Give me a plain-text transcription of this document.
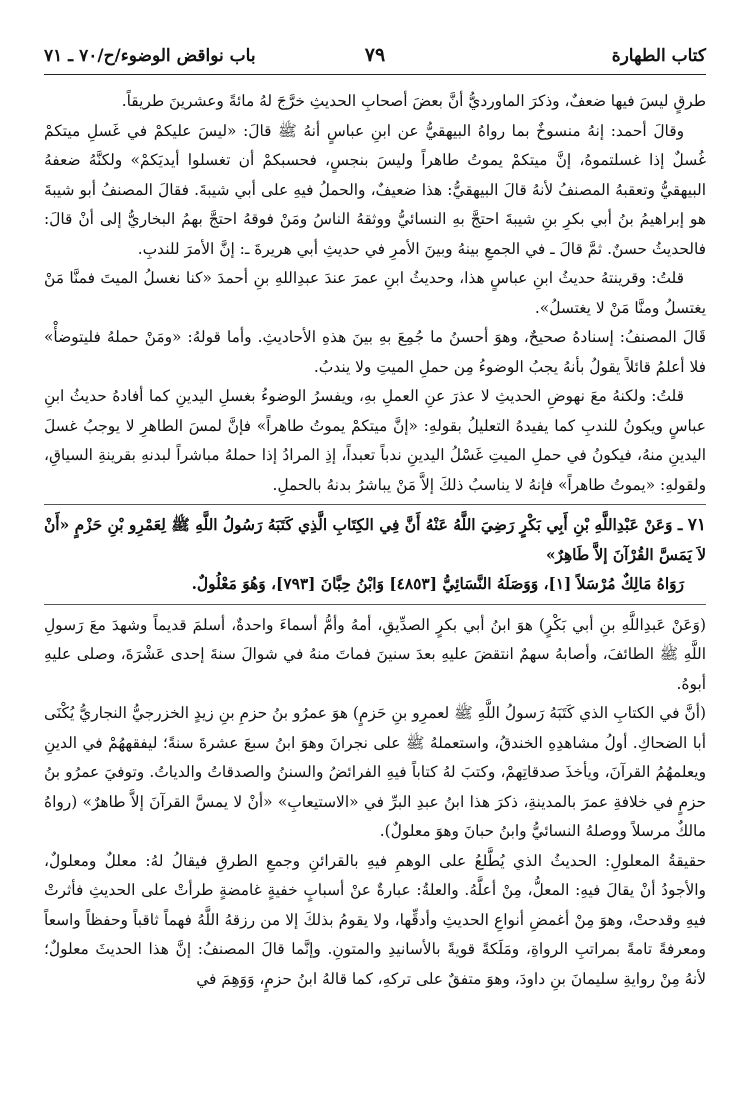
كتاب الطهارة
٧٩
باب نواقض الوضوء/ح/٧٠ ـ ٧١

طرقٍ ليسَ فيها ضعفٌ، وذكرَ الماورديُّ أنَّ بعضَ أصحابِ الحديثِ خرَّجَ لهُ مائةً وعشرينَ طريقاً.

وقالَ أحمد: إنهُ منسوخٌ بما رواهُ البيهقيُّ عن ابنِ عباسٍ أنهُ ﷺ قالَ: «ليسَ عليكمْ في غَسلِ ميتكمْ غُسلٌ إذا غسلتموهُ، إنَّ ميتكمْ يموتُ طاهراً وليسَ بنجسٍ، فحسبكمْ أن تغسلوا أيديَكمْ» ولكنَّهُ ضعفهُ البيهقيُّ وتعقبهُ المصنفُ لأنهُ قالَ البيهقيُّ: هذا ضعيفٌ، والحملُ فيهِ على أبي شيبةَ. فقالَ المصنفُ أبو شيبةَ هو إبراهيمُ بنُ أبي بكرِ بنِ شيبةَ احتجَّ بهِ النسائيُّ ووثقهُ الناسُ ومَنْ فوقهُ احتجَّ بهمُ البخاريُّ إلى أنْ قالَ: فالحديثُ حسنٌ. ثمَّ قالَ ـ في الجمعِ بينهُ وبينَ الأمرِ في حديثِ أبي هريرةَ ـ: إنَّ الأمرَ للندبِ.

قلتُ: وقرينتهُ حديثُ ابنِ عباسٍ هذا، وحديثُ ابنِ عمرَ عندَ عبدِاللهِ بنِ أحمدَ «كنا نغسلُ الميتَ فمنَّا مَنْ يغتسلُ ومنَّا مَنْ لا يغتسلُ».

قَالَ المصنفُ: إسنادهُ صحيحٌ، وهوَ أحسنُ ما جُمِعَ بهِ بينَ هذهِ الأحاديثِ. وأما قولهُ: «ومَنْ حملهُ فليتوضأْ» فلا أعلمُ قائلاً يقولُ بأنهُ يجبُ الوضوءُ مِن حملِ الميتِ ولا يندبُ.

قلتُ: ولكنهُ معَ نهوضِ الحديثِ لا عذرَ عنِ العملِ بهِ، ويفسرُ الوضوءُ بغسلِ اليدينِ كما أفادهُ حديثُ ابنِ عباسٍ ويكونُ للندبِ كما يفيدهُ التعليلُ بقولهِ: «إنَّ ميتكمْ يموتُ طاهراً» فإنَّ لمسَ الطاهرِ لا يوجبُ غسلَ اليدينِ منهُ، فيكونُ في حملِ الميتِ غَسْلُ اليدينِ ندباً تعبداً، إذِ المرادُ إذا حملهُ مباشراً لبدنهِ بقرينةِ السياقِ، ولقولهِ: «يموتُ طاهراً» فإنهُ لا يناسبُ ذلكَ إلاَّ مَنْ يباشرُ بدنهُ بالحملِ.

٧١ ـ وَعَنْ عَبْدِاللَّهِ بْنِ أَبِي بَكْرٍ رَضِيَ اللَّهُ عَنْهُ أَنَّ فِي الكِتَابِ الَّذِي كَتَبَهُ رَسُولُ اللَّهِ ﷺ لِعَمْرِو بْنِ حَزْمٍ «أَنْ لاَ يَمَسَّ القُرْآنَ إلاَّ طَاهِرٌ»

رَوَاهُ مَالِكٌ مُرْسَلاً [١]، وَوَصَلَهُ النَّسَائِيُّ [٤٨٥٣] وَابْنُ حِبَّانَ [٧٩٣]، وَهُوَ مَعْلُولٌ.

(وَعَنْ عَبدِاللَّهِ بنِ أبي بَكْرٍ) هوَ ابنُ أبي بكرٍ الصدِّيقِ، أمهُ وأمُّ أسماءَ واحدةٌ، أسلمَ قديماً وشهدَ معَ رَسولِ اللَّهِ ﷺ الطائفَ، وأصابهُ سهمٌ انتقضَ عليهِ بعدَ سنينَ فماتَ منهُ في شوالَ سنةَ إحدى عَشْرَةَ، وصلى عليهِ أبوهُ.

(أنَّ في الكتابِ الذي كَتَبَهُ رَسولُ اللَّهِ ﷺ لعمرِو بنِ حَزمٍ) هوَ عمرُو بنُ حزمِ بنِ زيدٍ الخزرجيُّ النجاريُّ يُكْنَى أبا الضحاكِ. أولُ مشاهدِهِ الخندقُ، واستعملهُ ﷺ على نجرانَ وهوَ ابنُ سبعَ عشرةَ سنةً؛ ليفقههُمْ في الدينِ ويعلمهُمُ القرآنَ، ويأخذَ صدقاتِهمْ، وكتبَ لهُ كتاباً فيهِ الفرائضُ والسننُ والصدقاتُ والدياتُ. وتوفيَ عمرُو بنُ حزمٍ في خلافةِ عمرَ بالمدينةِ، ذكرَ هذا ابنُ عبدِ البرِّ في «الاستيعابِ» «أنْ لا يمسَّ القرآنَ إلاَّ طاهرٌ» (رواهُ مالكٌ مرسلاً ووصلهُ النسائيُّ وابنُ حبانَ وهوَ معلولٌ).

حقيقةُ المعلولِ: الحديثُ الذي يُطَّلعُ على الوهمِ فيهِ بالقرائنِ وجمعِ الطرقِ فيقالُ لهُ: معللٌ ومعلولٌ، والأجودُ أنْ يقالَ فيهِ: المعلُّ، مِنْ أعلَّهُ. والعلةُ: عبارةٌ عنْ أسبابٍ خفيةٍ غامضةٍ طرأتْ على الحديثِ فأثرتْ فيهِ وقدحتْ، وهوَ مِنْ أغمضِ أنواعِ الحديثِ وأدقِّها، ولا يقومُ بذلكَ إلا من رزقهُ اللَّهُ فهماً ثاقباً وحفظاً واسعاً ومعرفةً تامةً بمراتبِ الرواةِ، ومَلَكةً قويةً بالأسانيدِ والمتونِ. وإنَّما قالَ المصنفُ: إنَّ هذا الحديثَ معلولٌ؛ لأنهُ مِنْ روايةِ سليمانَ بنِ داودَ، وهوَ متفقٌ على تركهِ، كما قالهُ ابنُ حزمٍ، وَوَهِمَ في
